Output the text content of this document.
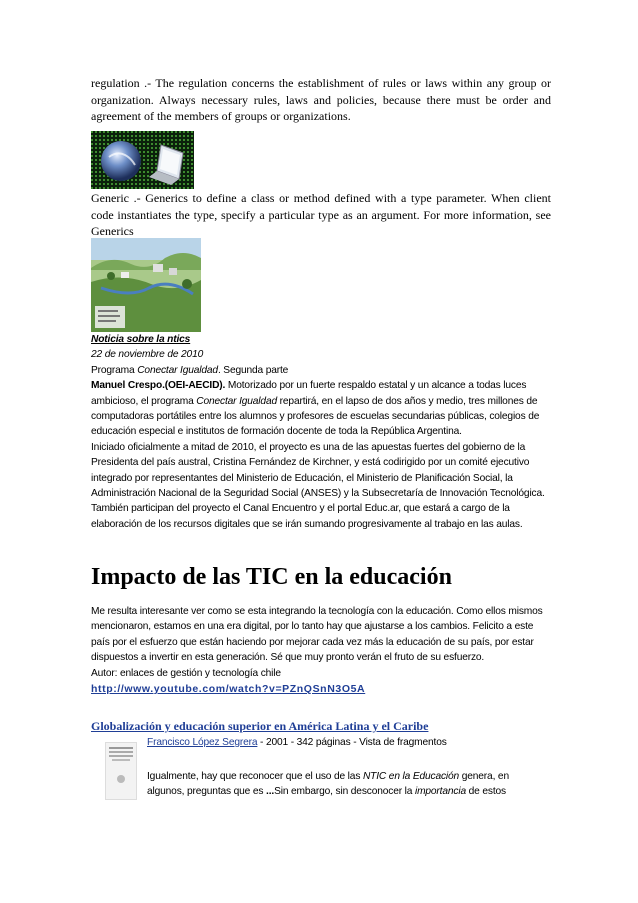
regulation .- The regulation concerns the establishment of rules or laws within any group or organization. Always necessary rules, laws and policies, because there must be order and agreement of the members of groups or organizations.

Generic .- Generics to define a class or method defined with a type parameter. When client code instantiates the type, specify a particular type as an argument. For more information, see Generics

Noticia sobre la ntics

22 de noviembre de 2010

Programa Conectar Igualdad. Segunda parte

Manuel Crespo.(OEI-AECID). Motorizado por un fuerte respaldo estatal y un alcance a todas luces ambicioso, el programa Conectar Igualdad repartirá, en el lapso de dos años y medio, tres millones de computadoras portátiles entre los alumnos y profesores de escuelas secundarias públicas, colegios de educación especial e institutos de formación docente de toda la República Argentina.

Iniciado oficialmente a mitad de 2010, el proyecto es una de las apuestas fuertes del gobierno de la Presidenta del país austral, Cristina Fernández de Kirchner, y está codirigido por un comité ejecutivo integrado por representantes del Ministerio de Educación, el Ministerio de Planificación Social, la Administración Nacional de la Seguridad Social (ANSES) y la Subsecretaría de Innovación Tecnológica. También participan del proyecto el Canal Encuentro y el portal Educ.ar, que estará a cargo de la elaboración de los recursos digitales que se irán sumando progresivamente al trabajo en las aulas.

Impacto de las TIC en la educación

Me resulta interesante ver como se esta integrando la tecnología con la educación. Como ellos mismos mencionaron, estamos en una era digital, por lo tanto hay que ajustarse a los cambios. Felicito a este país por el esfuerzo que están haciendo por mejorar cada vez más la educación de su país, por estar dispuestos a invertir en esta generación. Sé que muy pronto verán el fruto de su esfuerzo.

Autor: enlaces de gestión y tecnología chile

http://www.youtube.com/watch?v=PZnQSnN3O5A

Globalización y educación superior en América Latina y el Caribe

Francisco López Segrera - 2001 - 342 páginas - Vista de fragmentos

Igualmente, hay que reconocer que el uso de las NTIC en la Educación genera, en algunos, preguntas que es ...Sin embargo, sin desconocer la importancia de estos
